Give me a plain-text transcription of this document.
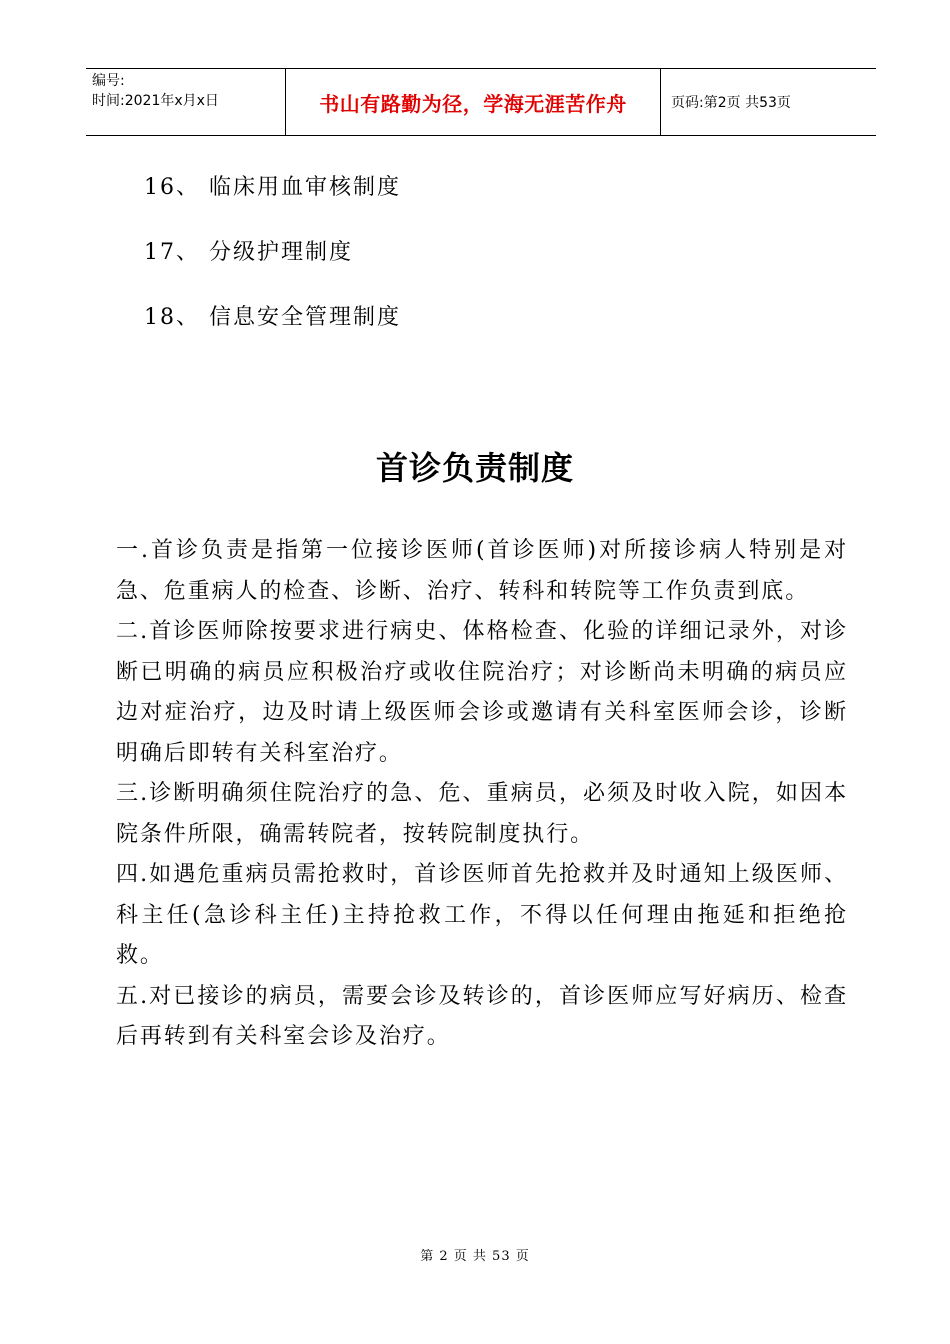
编号:
时间:2021年x月x日	书山有路勤为径，学海无涯苦作舟	页码:第2页 共53页
16、 临床用血审核制度
17、 分级护理制度
18、 信息安全管理制度
首诊负责制度

一.首诊负责是指第一位接诊医师(首诊医师)对所接诊病人特别是对急、危重病人的检查、诊断、治疗、转科和转院等工作负责到底。

二.首诊医师除按要求进行病史、体格检查、化验的详细记录外，对诊断已明确的病员应积极治疗或收住院治疗；对诊断尚未明确的病员应边对症治疗，边及时请上级医师会诊或邀请有关科室医师会诊，诊断明确后即转有关科室治疗。

三.诊断明确须住院治疗的急、危、重病员，必须及时收入院，如因本院条件所限，确需转院者，按转院制度执行。

四.如遇危重病员需抢救时，首诊医师首先抢救并及时通知上级医师、科主任(急诊科主任)主持抢救工作，不得以任何理由拖延和拒绝抢救。

五.对已接诊的病员，需要会诊及转诊的，首诊医师应写好病历、检查后再转到有关科室会诊及治疗。

第 2 页 共 53 页
